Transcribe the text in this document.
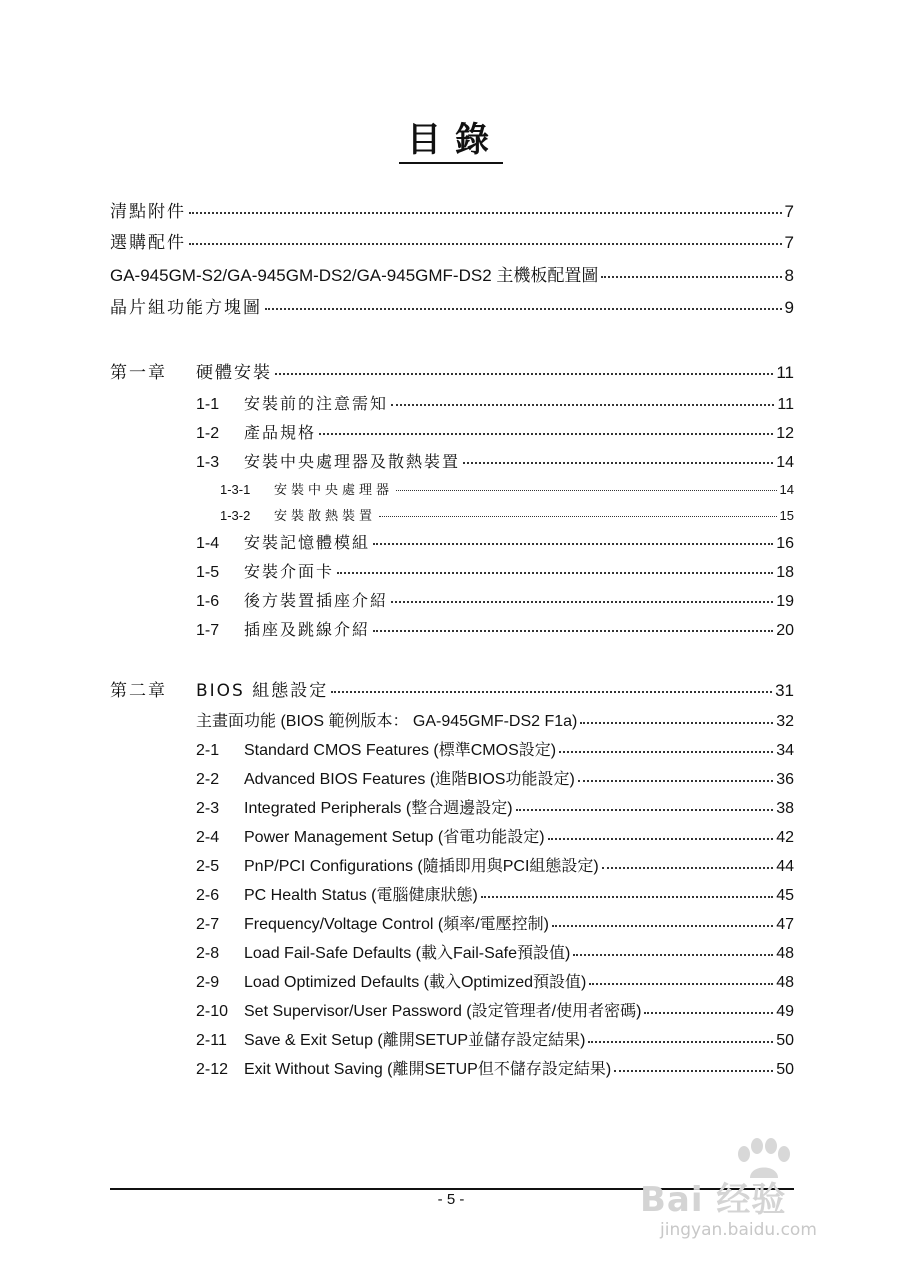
目錄
清點附件	7
選購配件	7
GA-945GM-S2/GA-945GM-DS2/GA-945GMF-DS2 主機板配置圖	8
晶片組功能方塊圖	9
第一章	硬體安裝	11
1-1	安裝前的注意需知	11
1-2	產品規格	12
1-3	安裝中央處理器及散熱裝置	14
1-3-1	安裝中央處理器	14
1-3-2	安裝散熱裝置	15
1-4	安裝記憶體模組	16
1-5	安裝介面卡	18
1-6	後方裝置插座介紹	19
1-7	插座及跳線介紹	20
第二章	BIOS 組態設定	31
主畫面功能 (BIOS 範例版本： GA-945GMF-DS2 F1a)	32
2-1	Standard CMOS Features (標準CMOS設定)	34
2-2	Advanced BIOS Features (進階BIOS功能設定)	36
2-3	Integrated Peripherals (整合週邊設定)	38
2-4	Power Management Setup (省電功能設定)	42
2-5	PnP/PCI Configurations (隨插即用與PCI組態設定)	44
2-6	PC Health Status (電腦健康狀態)	45
2-7	Frequency/Voltage Control (頻率/電壓控制)	47
2-8	Load Fail-Safe Defaults (載入Fail-Safe預設值)	48
2-9	Load Optimized Defaults (載入Optimized預設值)	48
2-10 Set Supervisor/User Password (設定管理者/使用者密碼)	49
2-11	Save & Exit Setup (離開SETUP並儲存設定結果)	50
2-12 Exit Without Saving (離開SETUP但不儲存設定結果)	50
- 5 -	Bai 经验
jingyan.baidu.com
